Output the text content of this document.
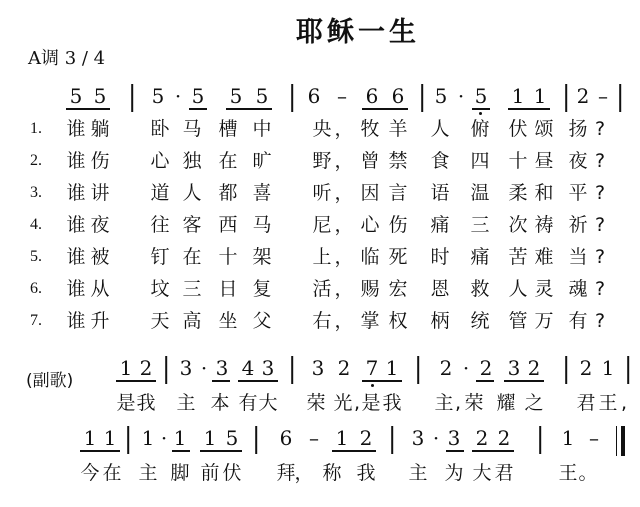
耶稣一生
A调 3 / 4
5 5 5 · 5 5 5 6 – 6 6 5 · 5 1 1 2 –
1. 谁 躺 卧 马 槽 中 央 ， 牧 羊 人 俯 伏 颂 扬 ?
2. 谁 伤 心 独 在 旷 野 ， 曾 禁 食 四 十 昼 夜 ?
3. 谁 讲 道 人 都 喜 听 ， 因 言 语 温 柔 和 平 ?
4. 谁 夜 往 客 西 马 尼 ， 心 伤 痛 三 次 祷 祈 ?
5. 谁 被 钉 在 十 架 上 ， 临 死 时 痛 苦 难 当 ?
6. 谁 从 坟 三 日 复 活 ， 赐 宏 恩 救 人 灵 魂 ?
7. 谁 升 天 高 坐 父 右 ， 掌 权 柄 统 管 万 有 ?
(副歌)
1 2 3 · 3 4 3 3 2 7 1 2 · 2 3 2 2 1
是 我 主 本 有 大 荣 光 , 是 我 主 , 荣 耀 之 君 王 ,
1 1 1 · 1 1 5 6 – 1 2 3 · 3 2 2	1 –
今 在 主 脚 前 伏 拜
， 称 我 主 为 大 君 王 。
